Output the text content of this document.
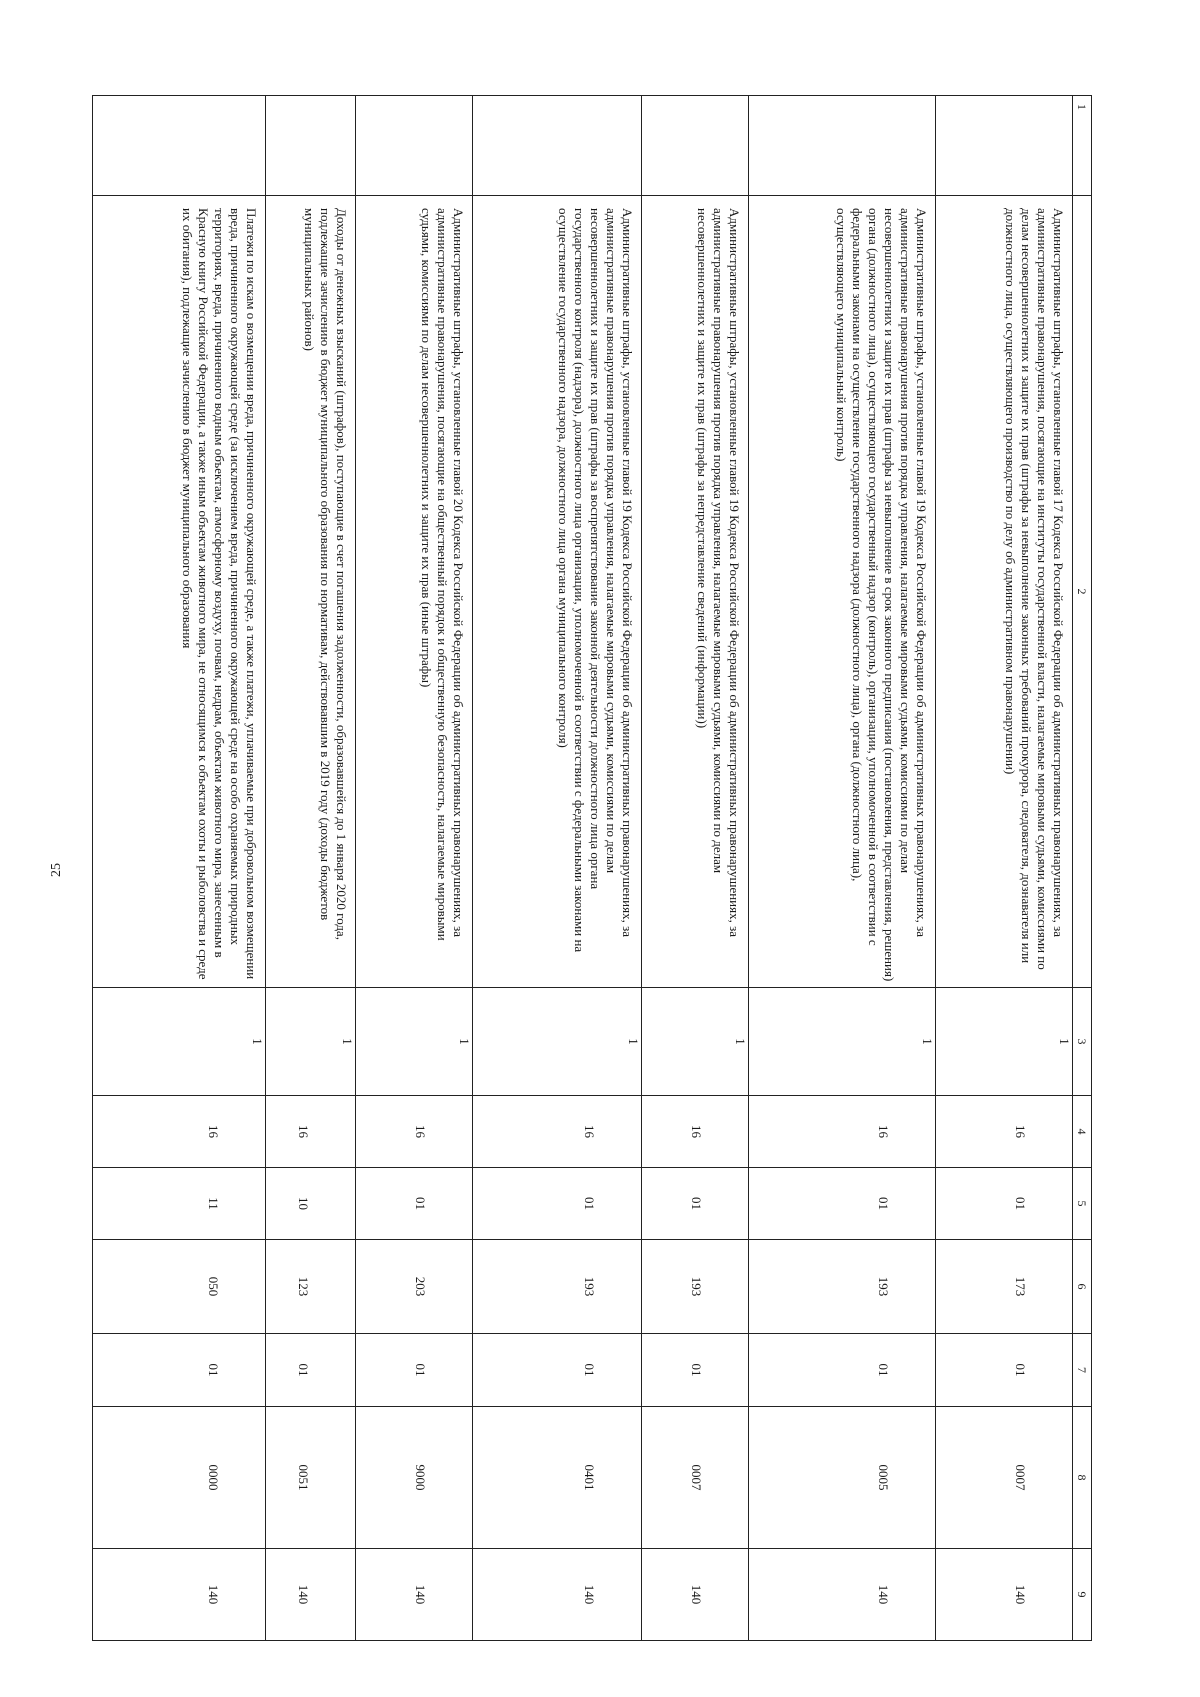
25
1	2	3	4	5	6	7	8	9
	Административные штрафы, установленные главой 17 Кодекса Российской Федерации об административных правонарушениях, за административные правонарушения, посягающие на институты государственной власти, налагаемые мировыми судьями, комиссиями по делам несовершеннолетних и защите их прав (штрафы за невыполнение законных требований прокурора, следователя, дознавателя или должностного лица, осуществляющего производство по делу об административном правонарушении)	1	16	01	173	01	0007	140
	Административные штрафы, установленные главой 19 Кодекса Российской Федерации об административных правонарушениях, за административные правонарушения против порядка управления, налагаемые мировыми судьями, комиссиями по делам несовершеннолетних и защите их прав (штрафы за невыполнение в срок законного предписания (постановления, представления, решения) органа (должностного лица), осуществляющего государственный надзор (контроль), организации, уполномоченной в соответствии с федеральными законами на осуществление государственного надзора (должностного лица), органа (должностного лица), осуществляющего муниципальный контроль)	1	16	01	193	01	0005	140
	Административные штрафы, установленные главой 19 Кодекса Российской Федерации об административных правонарушениях, за административные правонарушения против порядка управления, налагаемые мировыми судьями, комиссиями по делам несовершеннолетних и защите их прав (штрафы за непредставление сведений (информации))	1	16	01	193	01	0007	140
	Административные штрафы, установленные главой 19 Кодекса Российской Федерации об административных правонарушениях, за административные правонарушения против порядка управления, налагаемые мировыми судьями, комиссиями по делам несовершеннолетних и защите их прав (штрафы за воспрепятствование законной деятельности должностного лица органа государственного контроля (надзора), должностного лица организации, уполномоченной в соответствии с федеральными законами на осуществление государственного надзора, должностного лица органа муниципального контроля)	1	16	01	193	01	0401	140
	Административные штрафы, установленные главой 20 Кодекса Российской Федерации об административных правонарушениях, за административные правонарушения, посягающие на общественный порядок и общественную безопасность, налагаемые мировыми судьями, комиссиями по делам несовершеннолетних и защите их прав (иные штрафы)	1	16	01	203	01	9000	140
	Доходы от денежных взысканий (штрафов), поступающие в счет погашения задолженности, образовавшейся до 1 января 2020 года, подлежащие зачислению в бюджет муниципального образования по нормативам, действовавшим в 2019 году (доходы бюджетов муниципальных районов)	1	16	10	123	01	0051	140
	Платежи по искам о возмещении вреда, причиненного окружающей среде, а также платежи, уплачиваемые при добровольном возмещении вреда, причиненного окружающей среде (за исключением вреда, причиненного окружающей среде на особо охраняемых природных территориях, вреда, причиненного водным объектам, атмосферному воздуху, почвам, недрам, объектам животного мира, занесенным в Красную книгу Российской Федерации, а также иным объектам животного мира, не относящимся к объектам охоты и рыболовства и среде их обитания), подлежащие зачислению в бюджет муниципального образования	1	16	11	050	01	0000	140
